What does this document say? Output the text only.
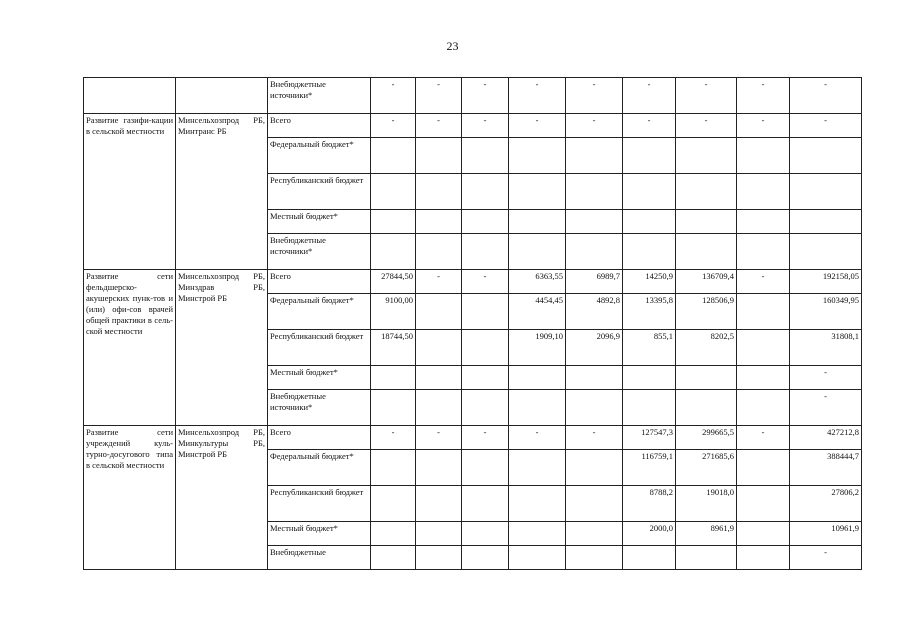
23
		Внебюджетные источники*	-	-	-	-	-	-	-	-	-
Развитие газифи-кации в сельской местности	Минсельхозпрод РБ, Минтранс РБ	Всего	-	-	-	-	-	-	-	-	-
		Федеральный бюджет*									
		Республиканский бюджет									
		Местный бюджет*									
		Внебюджетные источники*									
Развитие сети фельдшерско-акушерских пунк-тов и (или) офи-сов врачей общей практики в сель-ской местности	Минсельхозпрод РБ, Минздрав РБ, Минстрой РБ	Всего	27844,50	-	-	6363,55	6989,7	14250,9	136709,4	-	192158,05
		Федеральный бюджет*	9100,00			4454,45	4892,8	13395,8	128506,9		160349,95
		Республиканский бюджет	18744,50			1909,10	2096,9	855,1	8202,5		31808,1
		Местный бюджет*									-
		Внебюджетные источники*									-
Развитие сети учреждений куль-турно-досугового типа в сельской местности	Минсельхозпрод РБ, Минкультуры РБ, Минстрой РБ	Всего	-	-	-	-	-	127547,3	299665,5	-	427212,8
		Федеральный бюджет*						116759,1	271685,6		388444,7
		Республиканский бюджет						8788,2	19018,0		27806,2
		Местный бюджет*						2000,0	8961,9		10961,9
		Внебюджетные									-
